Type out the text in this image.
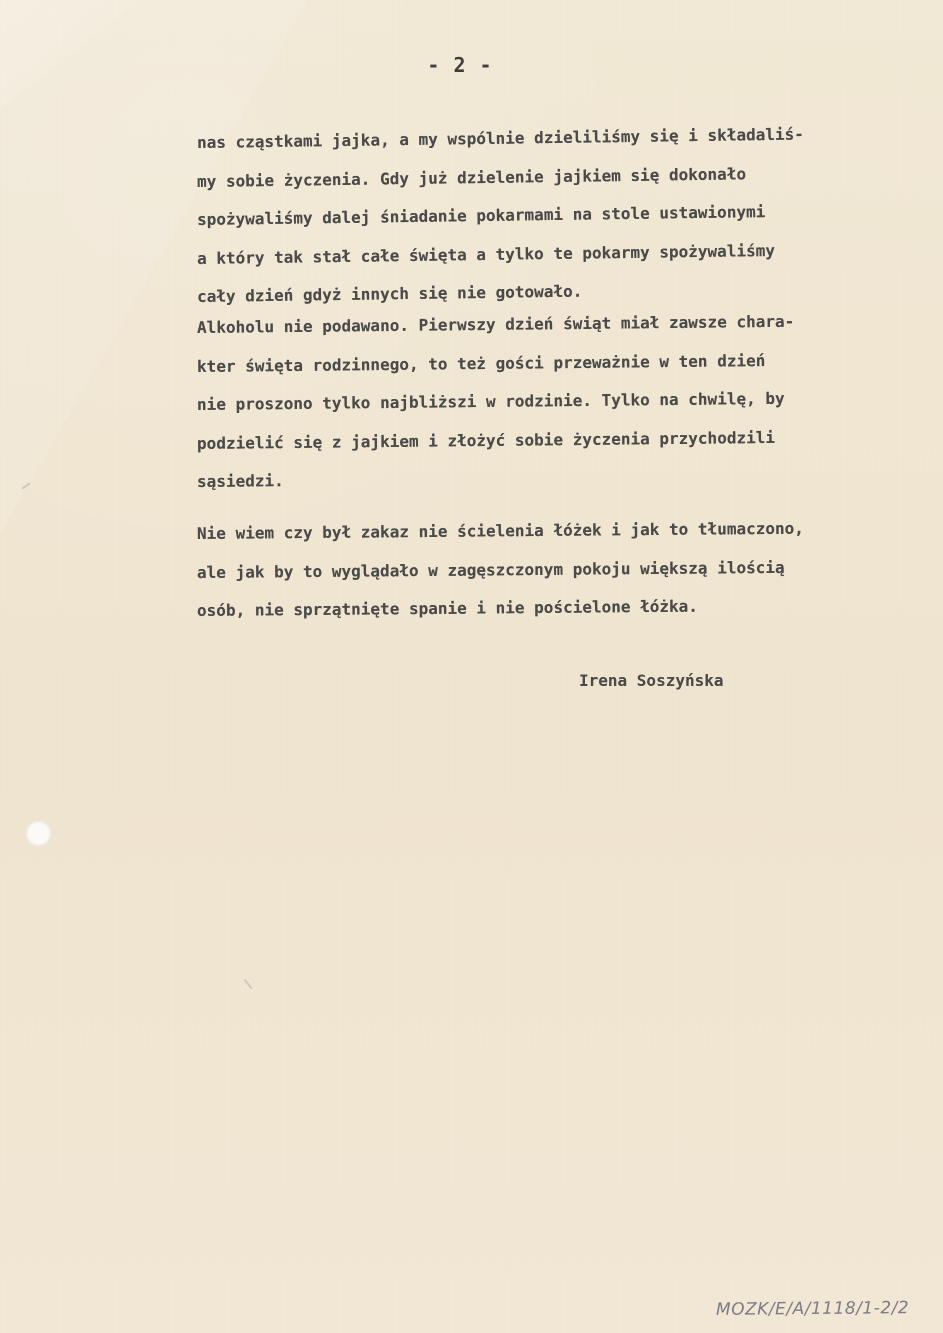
- 2 -
nas cząstkami jajka, a my wspólnie dzieliliśmy się i składaliś-
my sobie życzenia. Gdy już dzielenie jajkiem się dokonało
spożywaliśmy dalej śniadanie pokarmami na stole ustawionymi
a który tak stał całe święta a tylko te pokarmy spożywaliśmy
cały dzień gdyż innych się nie gotowało.
Alkoholu nie podawano. Pierwszy dzień świąt miał zawsze chara-
kter święta rodzinnego, to też gości przeważnie w ten dzień
nie proszono tylko najbliższi w rodzinie. Tylko na chwilę, by
podzielić się z jajkiem i złożyć sobie życzenia przychodzili
sąsiedzi.
Nie wiem czy był zakaz nie ścielenia łóżek i jak to tłumaczono,
ale jak by to wyglądało w zagęszczonym pokoju większą ilością
osób, nie sprzątnięte spanie i nie pościelone łóżka.
Irena Soszyńska
MOZK/E/A/1118/1-2/2
